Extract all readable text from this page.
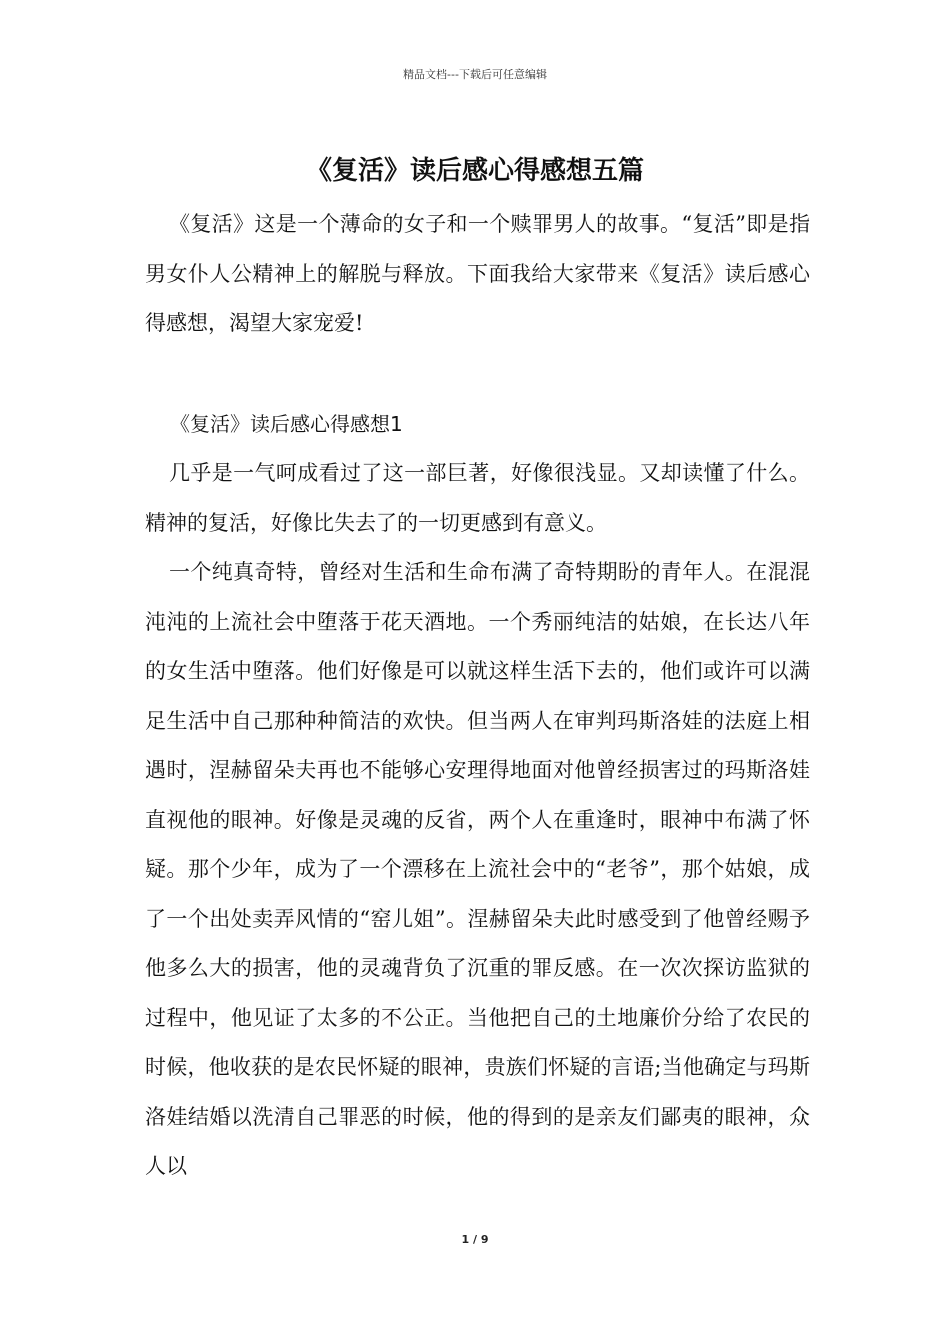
精品文档---下载后可任意编辑
《复活》读后感心得感想五篇
《复活》这是一个薄命的女子和一个赎罪男人的故事。“复活”即是指男女仆人公精神上的解脱与释放。下面我给大家带来《复活》读后感心得感想，渴望大家宠爱!
《复活》读后感心得感想1
几乎是一气呵成看过了这一部巨著，好像很浅显。又却读懂了什么。精神的复活，好像比失去了的一切更感到有意义。
一个纯真奇特，曾经对生活和生命布满了奇特期盼的青年人。在混混沌沌的上流社会中堕落于花天酒地。一个秀丽纯洁的姑娘，在长达八年的女生活中堕落。他们好像是可以就这样生活下去的，他们或许可以满足生活中自己那种种简洁的欢快。但当两人在审判玛斯洛娃的法庭上相遇时，涅赫留朵夫再也不能够心安理得地面对他曾经损害过的玛斯洛娃直视他的眼神。好像是灵魂的反省，两个人在重逢时，眼神中布满了怀疑。那个少年，成为了一个漂移在上流社会中的“老爷”，那个姑娘，成了一个出处卖弄风情的“窑儿姐”。涅赫留朵夫此时感受到了他曾经赐予他多么大的损害，他的灵魂背负了沉重的罪反感。在一次次探访监狱的过程中，他见证了太多的不公正。当他把自己的土地廉价分给了农民的时候，他收获的是农民怀疑的眼神，贵族们怀疑的言语;当他确定与玛斯洛娃结婚以洗清自己罪恶的时候，他的得到的是亲友们鄙夷的眼神，众人以
1 / 9
